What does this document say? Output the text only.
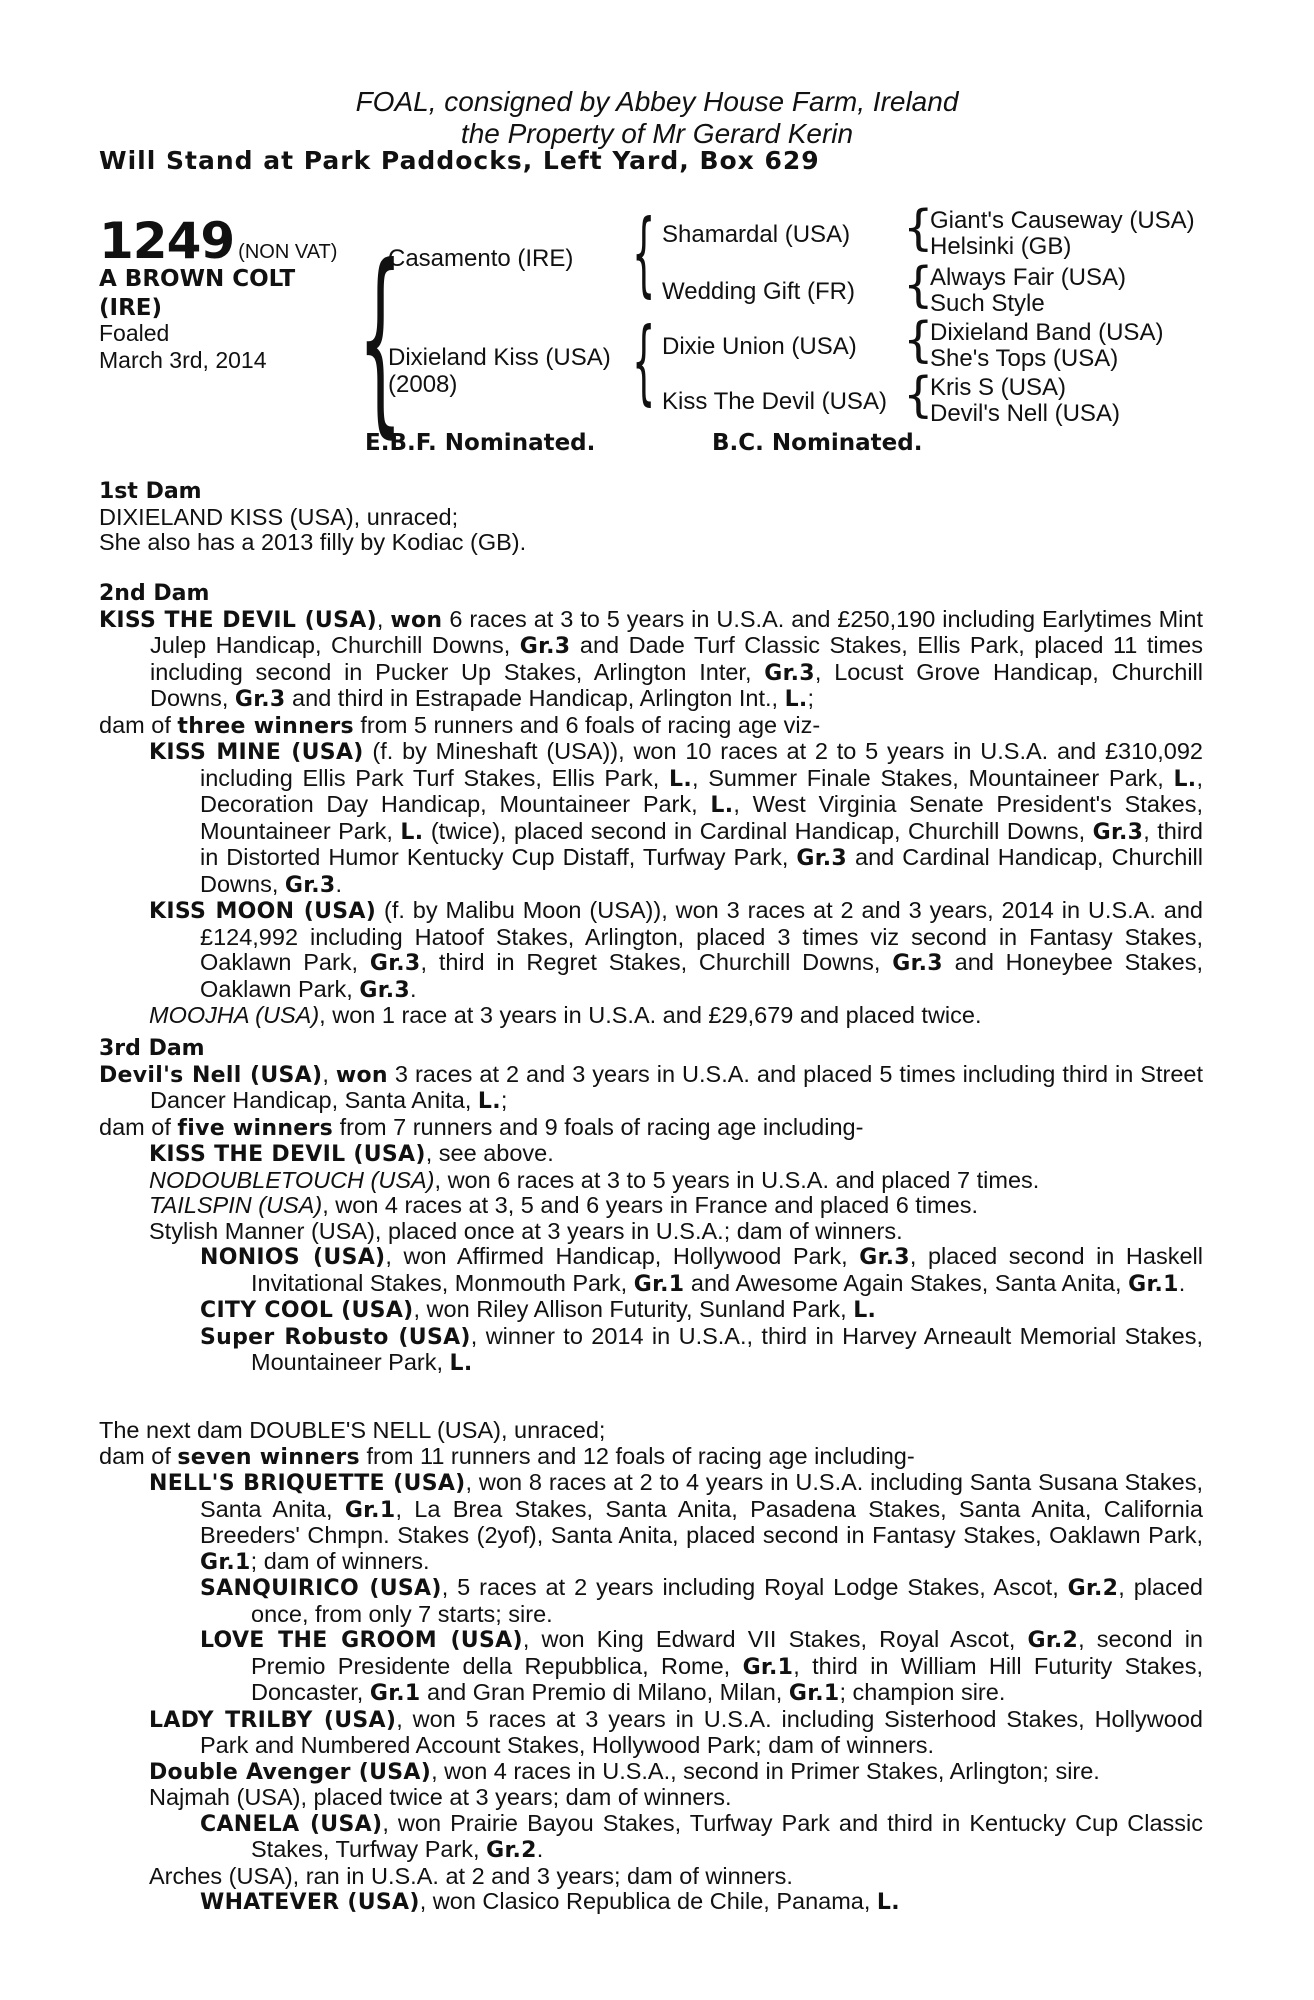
FOAL, consigned by Abbey House Farm, Ireland
the Property of Mr Gerard Kerin
Will Stand at Park Paddocks, Left Yard, Box 629
1249 (NON VAT)
A BROWN COLT
(IRE)
Foaled
March 3rd, 2014 {
Casamento (IRE)
Dixieland Kiss (USA)
(2008)
{ Shamardal (USA)
Wedding Gift (FR)
{ Dixie Union (USA)
Kiss The Devil (USA)
{
Giant's Causeway (USA)
Helsinki (GB)
{
Always Fair (USA)
Such Style
{
Dixieland Band (USA)
She's Tops (USA)
{
Kris S (USA)
Devil's Nell (USA)
E.B.F. Nominated.	B.C. Nominated.

1st Dam

DIXIELAND KISS (USA), unraced;

She also has a 2013 filly by Kodiac (GB).

2nd Dam

KISS THE DEVIL (USA), won 6 races at 3 to 5 years in U.S.A. and £250,190 including Earlytimes Mint Julep Handicap, Churchill Downs, Gr.3 and Dade Turf Classic Stakes, Ellis Park, placed 11 times including second in Pucker Up Stakes, Arlington Inter, Gr.3, Locust Grove Handicap, Churchill Downs, Gr.3 and third in Estrapade Handicap, Arlington Int., L.;

dam of three winners from 5 runners and 6 foals of racing age viz-

KISS MINE (USA) (f. by Mineshaft (USA)), won 10 races at 2 to 5 years in U.S.A. and £310,092 including Ellis Park Turf Stakes, Ellis Park, L., Summer Finale Stakes, Mountaineer Park, L., Decoration Day Handicap, Mountaineer Park, L., West Virginia Senate President's Stakes, Mountaineer Park, L. (twice), placed second in Cardinal Handicap, Churchill Downs, Gr.3, third in Distorted Humor Kentucky Cup Distaff, Turfway Park, Gr.3 and Cardinal Handicap, Churchill Downs, Gr.3.

KISS MOON (USA) (f. by Malibu Moon (USA)), won 3 races at 2 and 3 years, 2014 in U.S.A. and £124,992 including Hatoof Stakes, Arlington, placed 3 times viz second in Fantasy Stakes, Oaklawn Park, Gr.3, third in Regret Stakes, Churchill Downs, Gr.3 and Honeybee Stakes, Oaklawn Park, Gr.3.

MOOJHA (USA), won 1 race at 3 years in U.S.A. and £29,679 and placed twice.

3rd Dam

Devil's Nell (USA), won 3 races at 2 and 3 years in U.S.A. and placed 5 times including third in Street Dancer Handicap, Santa Anita, L.;

dam of five winners from 7 runners and 9 foals of racing age including-

KISS THE DEVIL (USA), see above.

NODOUBLETOUCH (USA), won 6 races at 3 to 5 years in U.S.A. and placed 7 times.

TAILSPIN (USA), won 4 races at 3, 5 and 6 years in France and placed 6 times.

Stylish Manner (USA), placed once at 3 years in U.S.A.; dam of winners.

NONIOS (USA), won Affirmed Handicap, Hollywood Park, Gr.3, placed second in Haskell Invitational Stakes, Monmouth Park, Gr.1 and Awesome Again Stakes, Santa Anita, Gr.1.

CITY COOL (USA), won Riley Allison Futurity, Sunland Park, L.

Super Robusto (USA), winner to 2014 in U.S.A., third in Harvey Arneault Memorial Stakes, Mountaineer Park, L.

The next dam DOUBLE'S NELL (USA), unraced;

dam of seven winners from 11 runners and 12 foals of racing age including-

NELL'S BRIQUETTE (USA), won 8 races at 2 to 4 years in U.S.A. including Santa Susana Stakes, Santa Anita, Gr.1, La Brea Stakes, Santa Anita, Pasadena Stakes, Santa Anita, California Breeders' Chmpn. Stakes (2yof), Santa Anita, placed second in Fantasy Stakes, Oaklawn Park, Gr.1; dam of winners.

SANQUIRICO (USA), 5 races at 2 years including Royal Lodge Stakes, Ascot, Gr.2, placed once, from only 7 starts; sire.

LOVE THE GROOM (USA), won King Edward VII Stakes, Royal Ascot, Gr.2, second in Premio Presidente della Repubblica, Rome, Gr.1, third in William Hill Futurity Stakes, Doncaster, Gr.1 and Gran Premio di Milano, Milan, Gr.1; champion sire.

LADY TRILBY (USA), won 5 races at 3 years in U.S.A. including Sisterhood Stakes, Hollywood Park and Numbered Account Stakes, Hollywood Park; dam of winners.

Double Avenger (USA), won 4 races in U.S.A., second in Primer Stakes, Arlington; sire.

Najmah (USA), placed twice at 3 years; dam of winners.

CANELA (USA), won Prairie Bayou Stakes, Turfway Park and third in Kentucky Cup Classic Stakes, Turfway Park, Gr.2.

Arches (USA), ran in U.S.A. at 2 and 3 years; dam of winners.

WHATEVER (USA), won Clasico Republica de Chile, Panama, L.
